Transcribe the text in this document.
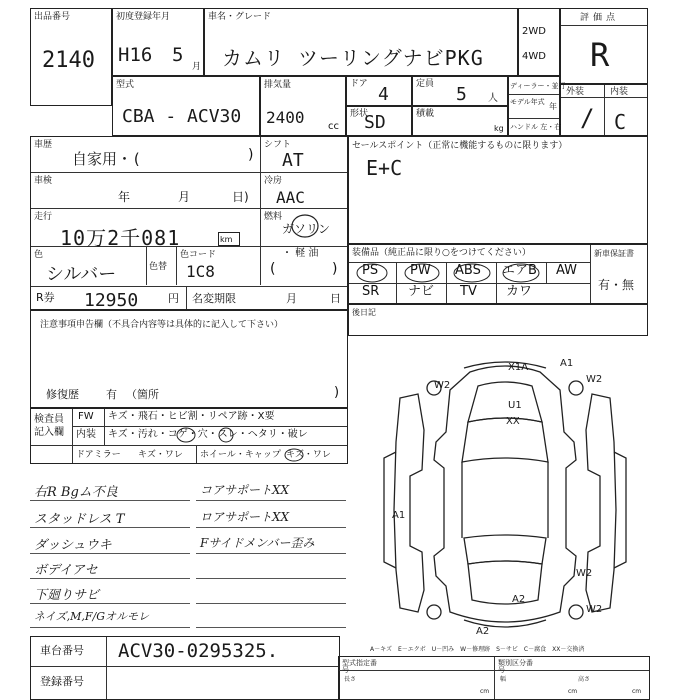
出品番号
2140
初度登録年月
H16 5
月
車名・グレード
カムリ ツーリングナビPKG
2WD
4WD
評価点
R
外装	内装
/ C
型式
CBA - ACV30
排気量
2400 cc
ドア 4	定員 5 人
形状
SD	積載
kg
ディーラー・並行
モデル年式 年
ハンドル 左・右
車歴
自家用・(	)
シフト
AT
車検
年	月	日)
冷房
AAC
走行
10万2千081	km
燃料
ガソリン
・ 軽 油
色
シルバー	色替
色コード
1C8	(	)
R券 12950	円 名変期限	月	日
セールスポイント（正常に機能するものに限ります）
E+C
装備品（純正品に限り○をつけてください）	新車保証書
有・無
PS PW ABS エアB AW
SR ナビ TV カワ
後日記
注意事項申告欄（不具合内容等は具体的に記入して下さい）
修復歴 有 （箇所	)
検査員記入欄
FW キズ・飛石・ヒビ割・リペア跡・X要
内装 キズ・汚れ・コゲ・穴・スレ・ヘタリ・破レ
ドアミラー キズ・ワレ ホイール・キャップ キズ・ワレ
右R Bgム不良
スタッドレス T
ダッシュウキ
ボデイアセ
下廻りサビ
ネイズ,M,F/Gオルモレ
コアサポートXX
ロアサポートXX
Fサイドメンバー歪み
X1A	A1
W2
W2
U1
XX
A1
W2
A2
A2
W2
A－キズ　E－エクボ　U－凹み　W－修理跡　S－サビ　C－腐食　XX－交換済
車台番号 ACV30-0295325.
登録番号
型式指定番号
類別区分番号
長さ
cm
幅
cm
高さ
cm
